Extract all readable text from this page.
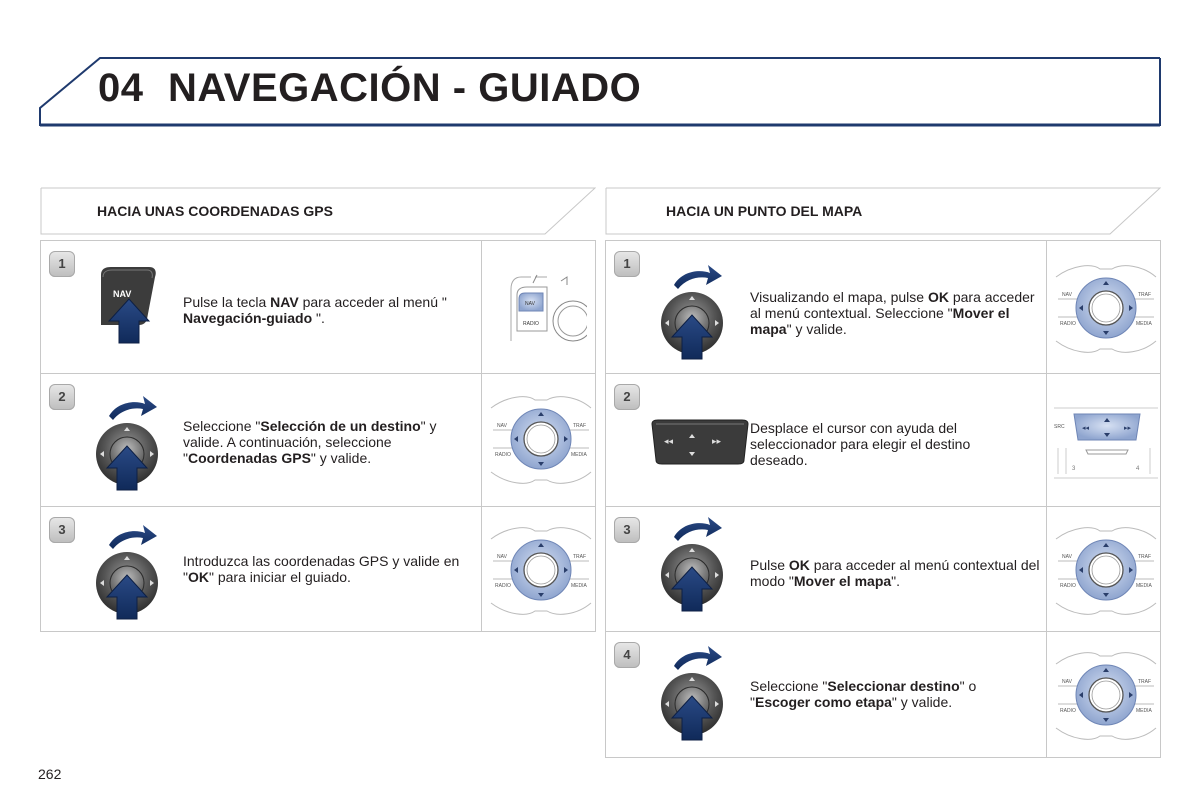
04 NAVEGACIÓN - GUIADO
HACIA UNAS COORDENADAS GPS	HACIA UN PUNTO DEL MAPA
1
NAV	Pulse la tecla NAV para acceder al menú " Navegación-guiado ".
NAV
RADIO
2
Seleccione "Selección de un destino" y valide. A continuación, seleccione "Coordenadas GPS" y valide.
NAV	TRAF
RADIO	MEDIA
3
Introduzca las coordenadas GPS y valide en "OK" para iniciar el guiado.
NAV	TRAF
RADIO	MEDIA
1
Visualizando el mapa, pulse OK para acceder al menú contextual. Seleccione "Mover el mapa" y valide.
NAV	TRAF
RADIO	MEDIA
2
◂◂	▸▸
Desplace el cursor con ayuda del seleccionador para elegir el destino deseado.
◂◂	▸▸
SRC
3	4
3
Pulse OK para acceder al menú contextual del modo "Mover el mapa".
NAV	TRAF
RADIO	MEDIA
4
Seleccione "Seleccionar destino" o "Escoger como etapa" y valide.
NAV	TRAF
RADIO	MEDIA
262
